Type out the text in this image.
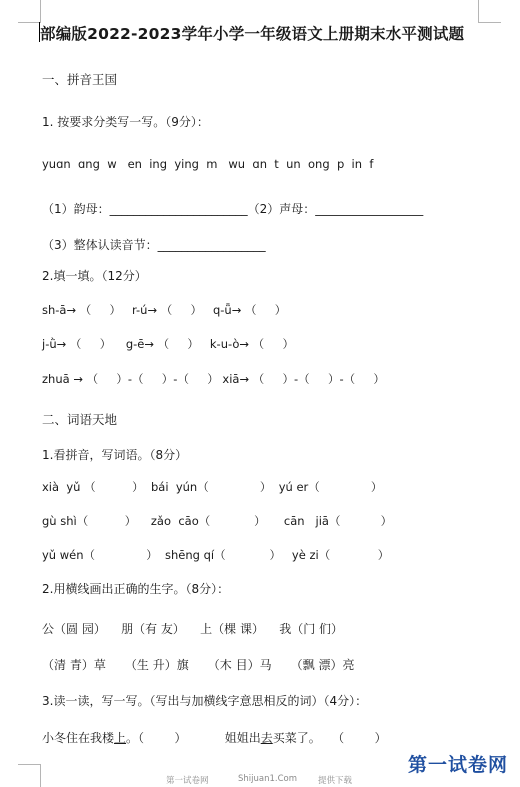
部编版2022-2023学年小学一年级语文上册期末水平测试题
一、拼音王国
1. 按要求分类写一写。（9分）：
yuɑn  ɑng  w   en  ing  ying  m   wu  ɑn  t  un  ong  p  in  f
（1）韵母：_______________________（2）声母：__________________
（3）整体认读音节：__________________
2.填一填。（12分）
sh-ā→ （     ）   r-ú→ （     ）   q-ǖ→ （     ）
j-ǜ→ （     ）    g-ē→ （     ）   k-u-ò→ （     ）
zhuā → （     ）-（     ）-（     ） xiā→ （     ）-（     ）-（     ）
二、词语天地
1.看拼音，写词语。（8分）
xià  yǔ （          ）  bái  yún（              ）  yú er（              ）
gù shì（          ）    zǎo  cāo（            ）     cān   jiā（           ）
yǔ wén（              ）  shēng qí（            ）   yè zi（             ）
2.用横线画出正确的生字。（8分）：
公（圆 园）    朋（有 友）    上（棵 课）    我（门 们）
（清 青）草     （生 升）旗     （木 目）马     （飘 漂）亮
3.读一读，写一写。（写出与加横线字意思相反的词）（4分）：
小冬住在我楼上。（        ）          姐姐出去买菜了。   （        ）
第一试卷网	Shijuan1.Com 提供下载
第一试卷网
